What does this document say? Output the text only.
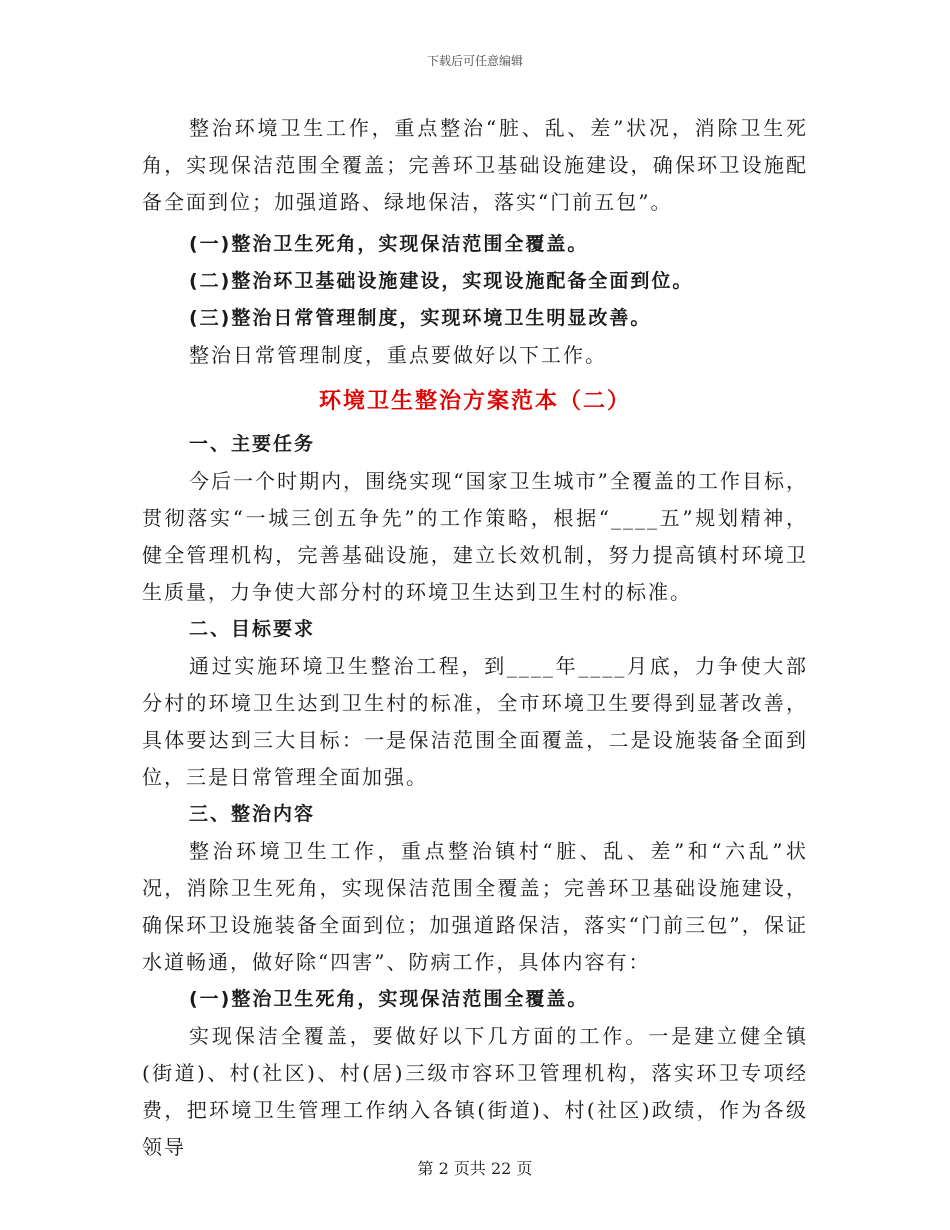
下载后可任意编辑

整治环境卫生工作，重点整治“脏、乱、差”状况，消除卫生死角，实现保洁范围全覆盖；完善环卫基础设施建设，确保环卫设施配备全面到位；加强道路、绿地保洁，落实“门前五包”。

(一)整治卫生死角，实现保洁范围全覆盖。

(二)整治环卫基础设施建设，实现设施配备全面到位。

(三)整治日常管理制度，实现环境卫生明显改善。

整治日常管理制度，重点要做好以下工作。

环境卫生整治方案范本（二）

一、主要任务

今后一个时期内，围绕实现“国家卫生城市”全覆盖的工作目标，贯彻落实“一城三创五争先”的工作策略，根据“____五”规划精神，健全管理机构，完善基础设施，建立长效机制，努力提高镇村环境卫生质量，力争使大部分村的环境卫生达到卫生村的标准。

二、目标要求

通过实施环境卫生整治工程，到____年____月底，力争使大部分村的环境卫生达到卫生村的标准，全市环境卫生要得到显著改善，具体要达到三大目标：一是保洁范围全面覆盖，二是设施装备全面到位，三是日常管理全面加强。

三、整治内容

整治环境卫生工作，重点整治镇村“脏、乱、差”和“六乱”状况，消除卫生死角，实现保洁范围全覆盖；完善环卫基础设施建设，确保环卫设施装备全面到位；加强道路保洁，落实“门前三包”，保证水道畅通，做好除“四害”、防病工作，具体内容有：

(一)整治卫生死角，实现保洁范围全覆盖。

实现保洁全覆盖，要做好以下几方面的工作。一是建立健全镇(街道)、村(社区)、村(居)三级市容环卫管理机构，落实环卫专项经费，把环境卫生管理工作纳入各镇(街道)、村(社区)政绩，作为各级领导

第 2 页共 22 页
